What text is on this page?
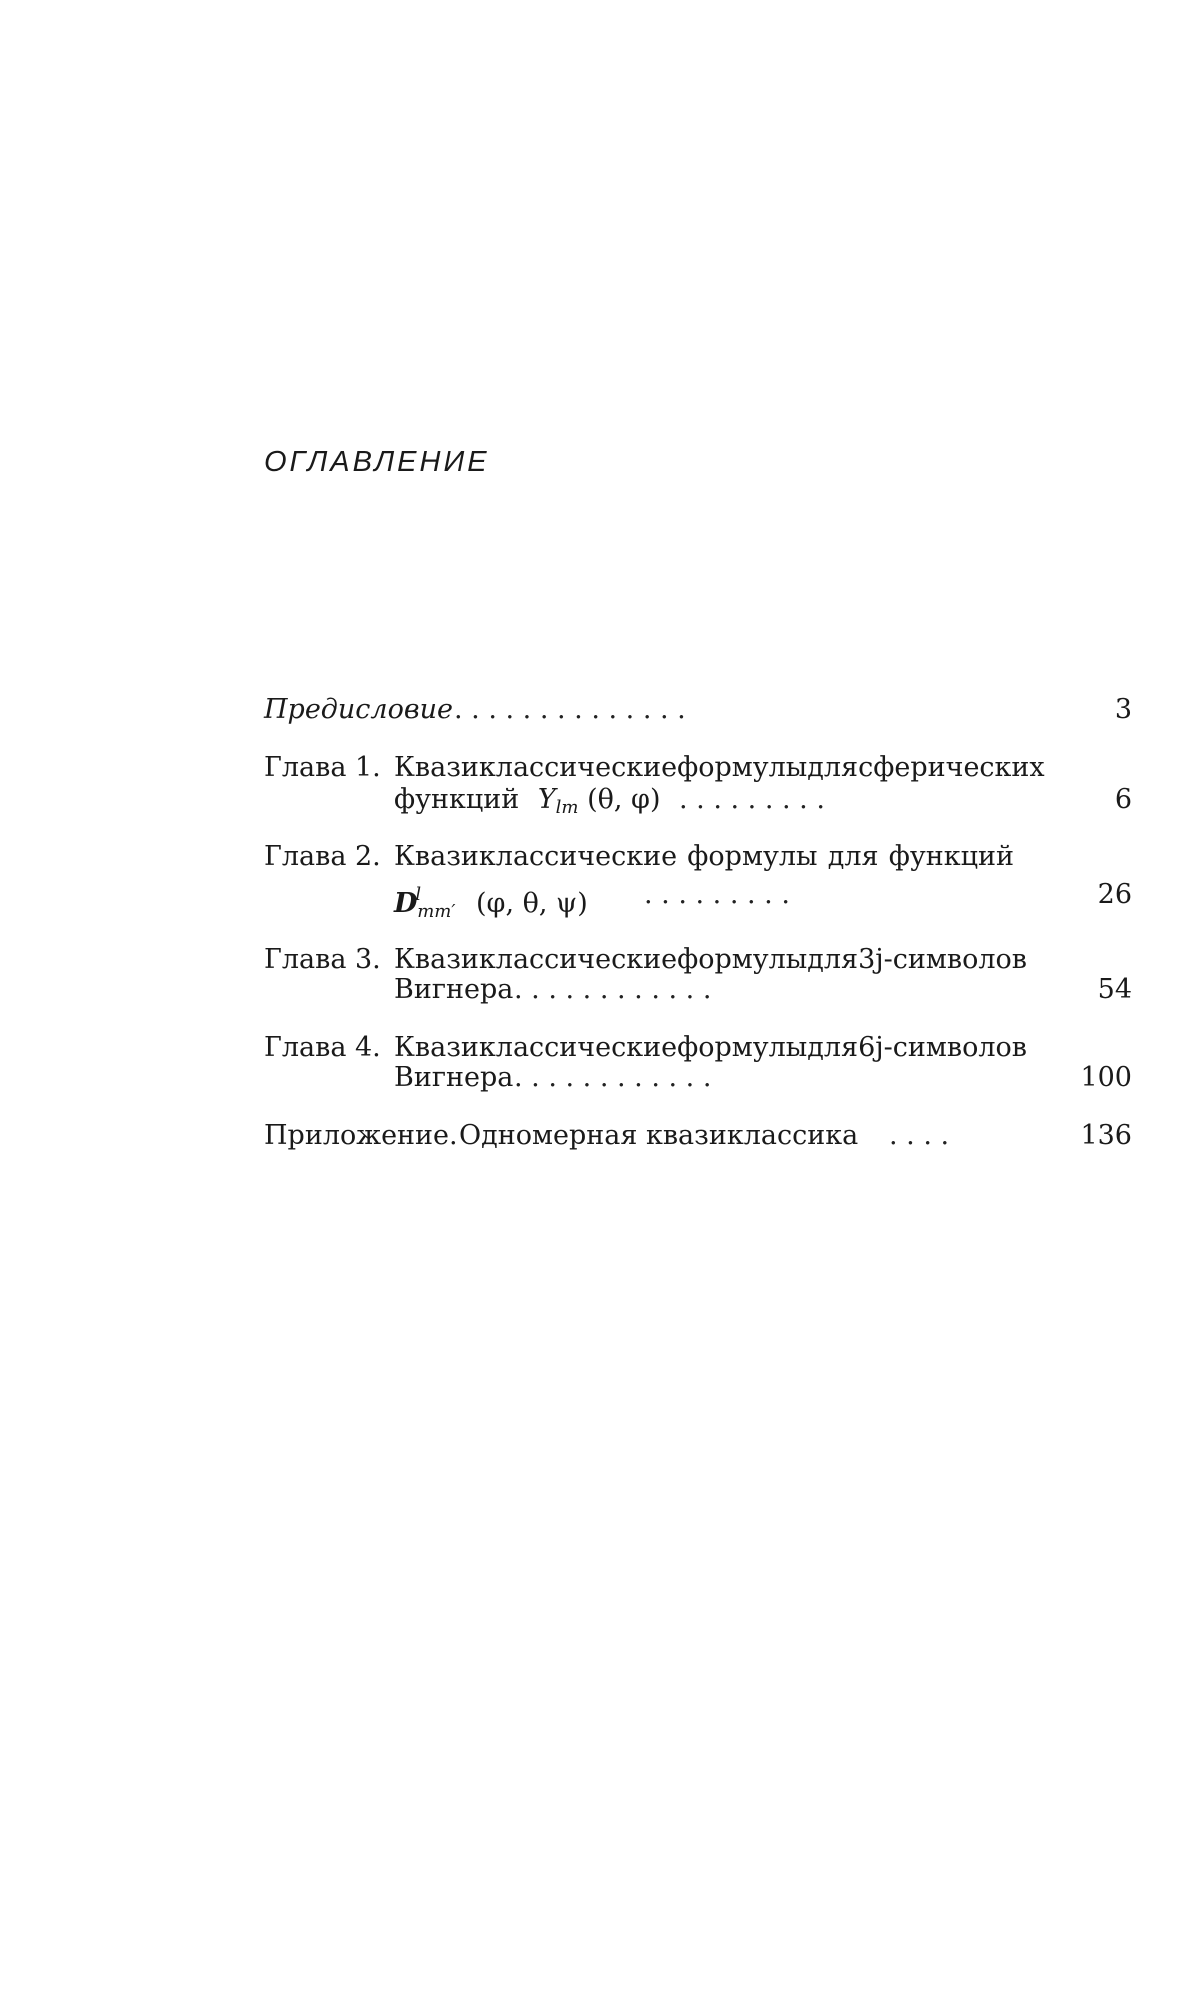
ОГЛАВЛЕНИЕ
Предисловие . . . . . . . . . . . . . .	3
Глава 1. Квазиклассические формулы для сферических
функций Ylm (θ, φ) . . . . . . . . .	6
Глава 2. Квазиклассические формулы для функций
$D^lmm'$ (φ, θ, ψ)	. . . . . . . . .	26
Глава 3. Квазиклассические формулы для 3j-символов
Вигнера . . . . . . . . . . . .	54
Глава 4. Квазиклассические формулы для 6j-символов
Вигнера . . . . . . . . . . . .	100
Приложение. Одномерная квазиклассика . . . .	136
